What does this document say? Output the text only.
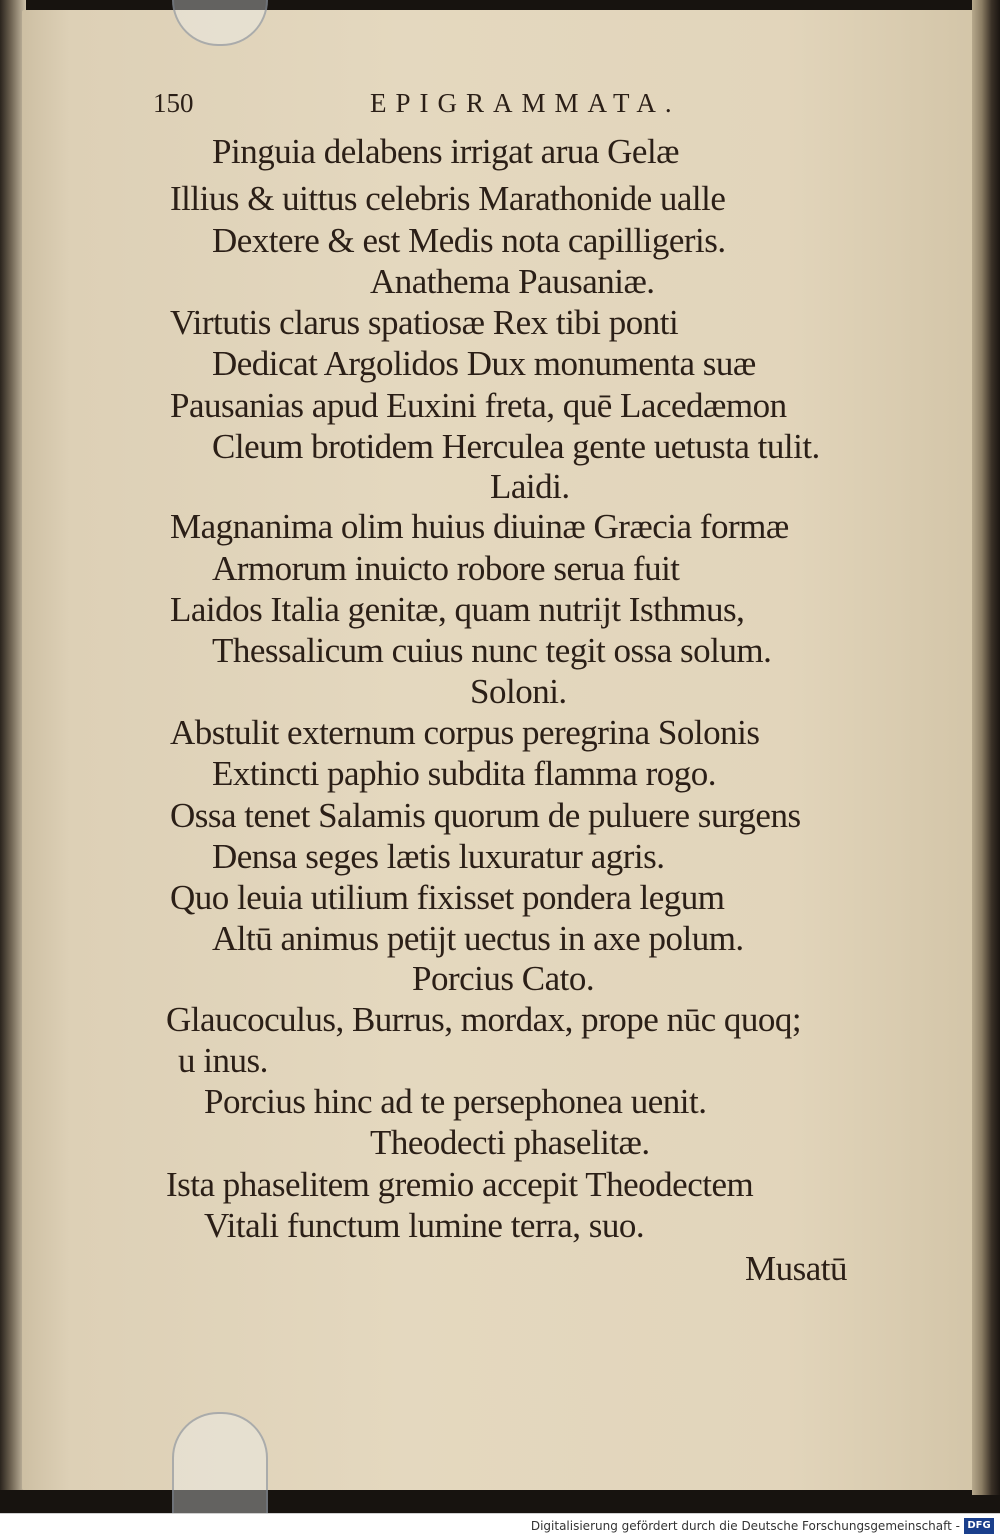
150	EPIGRAMMATA.
Pinguia delabens irrigat arua Gelæ
Illius & uittus celebris Marathonide ualle
Dextere & est Medis nota capilligeris.
Anathema Pausaniæ.
Virtutis clarus spatiosæ Rex tibi ponti
Dedicat Argolidos Dux monumenta suæ
Pausanias apud Euxini freta, quē Lacedæmon
Cleum brotidem Herculea gente uetusta tulit.
Laidi.
Magnanima olim huius diuinæ Græcia formæ
Armorum inuicto robore serua fuit
Laidos Italia genitæ, quam nutrijt Isthmus,
Thessalicum cuius nunc tegit ossa solum.
Soloni.
Abstulit externum corpus peregrina Solonis
Extincti paphio subdita flamma rogo.
Ossa tenet Salamis quorum de puluere surgens
Densa seges lætis luxuratur agris.
Quo leuia utilium fixisset pondera legum
Altū animus petijt uectus in axe polum.
Porcius Cato.
Glaucoculus, Burrus, mordax, prope nūc quoq;
u inus.
Porcius hinc ad te persephonea uenit.
Theodecti phaselitæ.
Ista phaselitem gremio accepit Theodectem
Vitali functum lumine terra, suo.
Musatū
Digitalisierung gefördert durch die Deutsche Forschungsgemeinschaft - DFG
